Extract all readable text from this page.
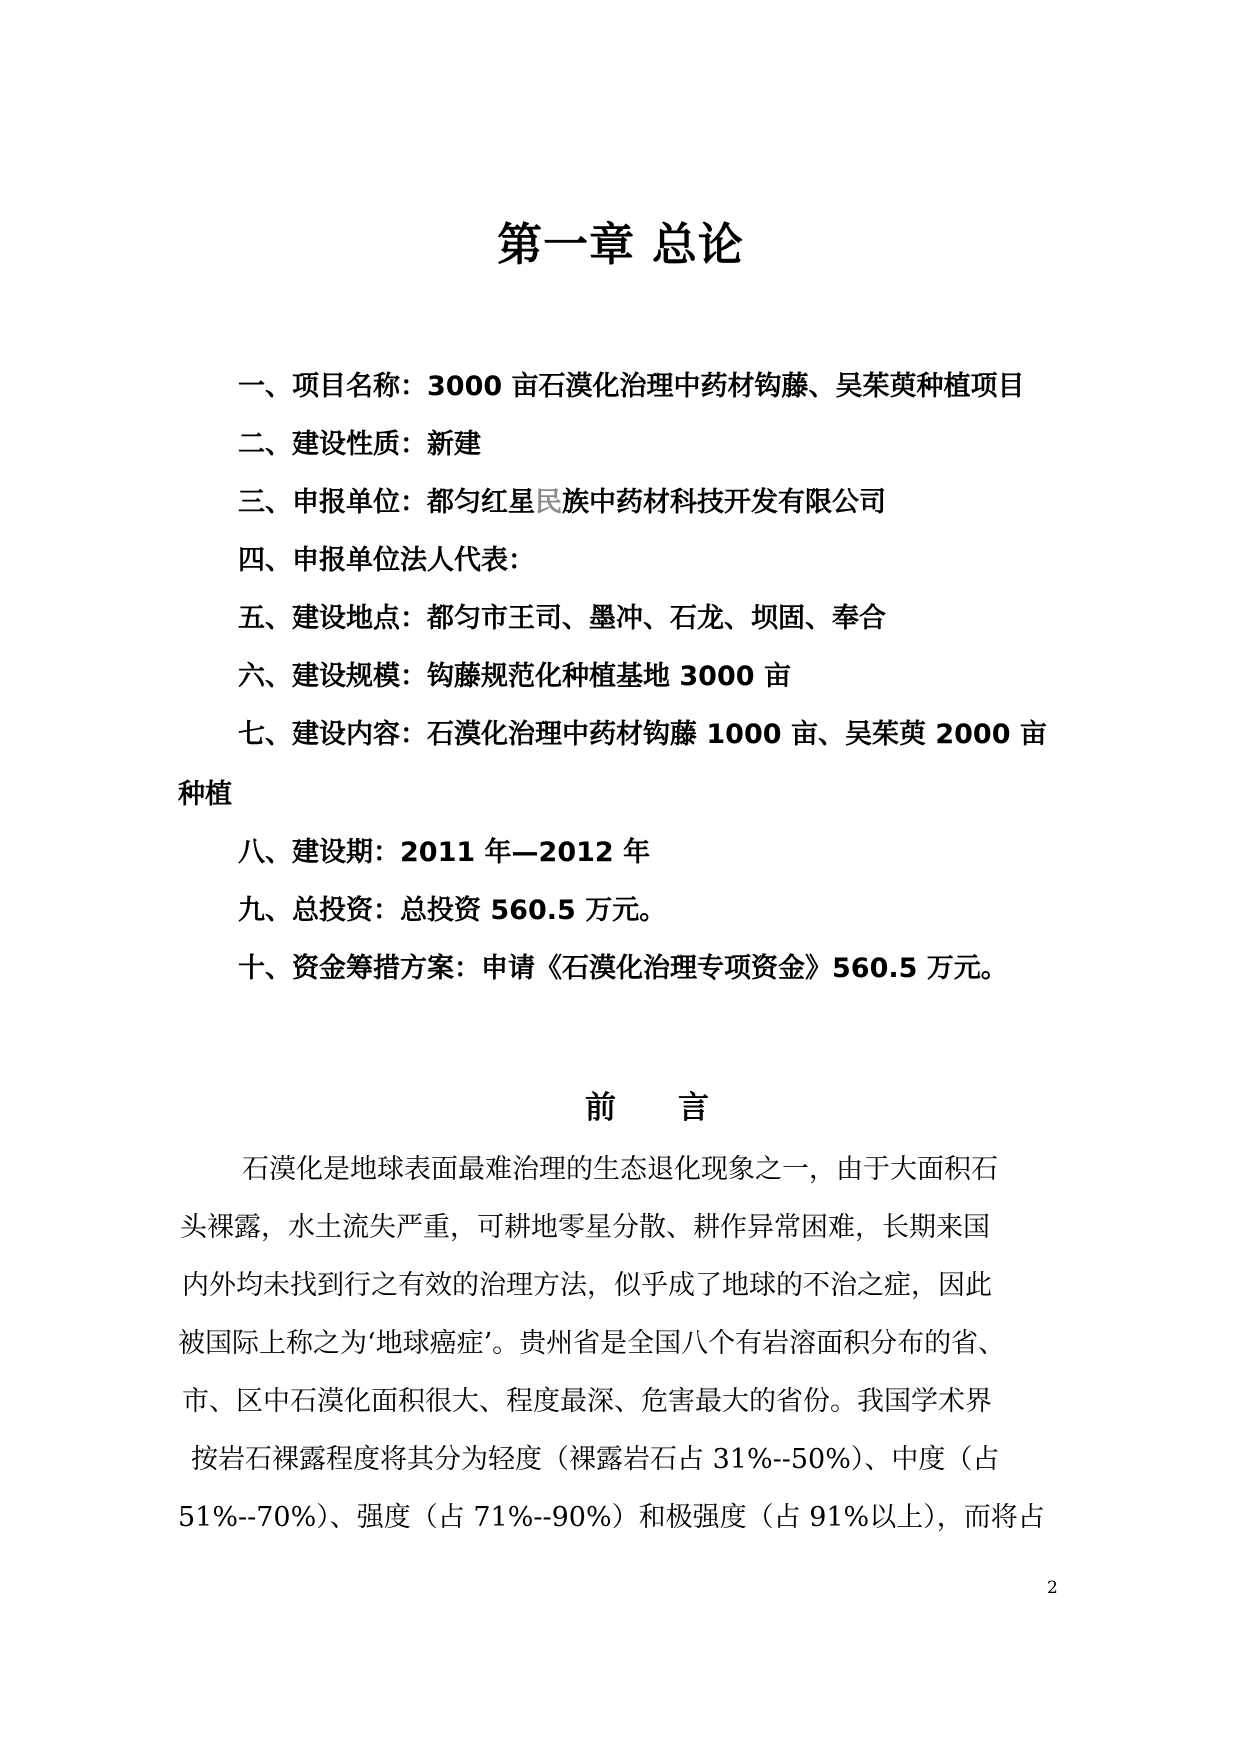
第一章 总论
一、项目名称：3000 亩石漠化治理中药材钩藤、吴茱萸种植项目
二、建设性质：新建
三、申报单位：都匀红星民族中药材科技开发有限公司
四、申报单位法人代表：
五、建设地点：都匀市王司、墨冲、石龙、坝固、奉合
六、建设规模：钩藤规范化种植基地 3000 亩
七、建设内容：石漠化治理中药材钩藤 1000 亩、吴茱萸 2000 亩
种植
八、建设期：2011 年—2012 年
九、总投资：总投资 560.5 万元。
十、资金筹措方案：申请《石漠化治理专项资金》560.5 万元。
前言
石漠化是地球表面最难治理的生态退化现象之一，由于大面积石
头裸露，水土流失严重，可耕地零星分散、耕作异常困难，长期来国
内外均未找到行之有效的治理方法，似乎成了地球的不治之症，因此
被国际上称之为‘地球癌症’。贵州省是全国八个有岩溶面积分布的省、
市、区中石漠化面积很大、程度最深、危害最大的省份。我国学术界
按岩石裸露程度将其分为轻度（裸露岩石占 31%--50%）、中度（占
51%--70%）、强度（占 71%--90%）和极强度（占 91%以上），而将占
2
